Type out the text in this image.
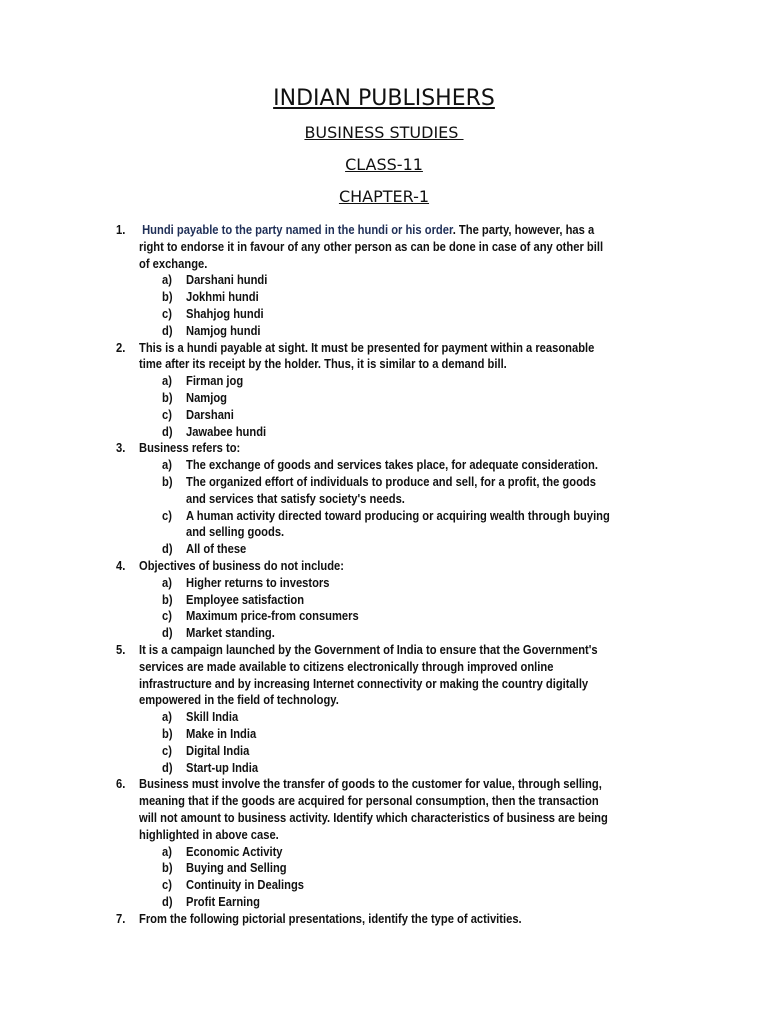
INDIAN PUBLISHERS
BUSINESS STUDIES
CLASS-11
CHAPTER-1
1. Hundi payable to the party named in the hundi or his order. The party, however, has a
right to endorse it in favour of any other person as can be done in case of any other bill
of exchange.
a) Darshani hundi
b) Jokhmi hundi
c) Shahjog hundi
d) Namjog hundi
2. This is a hundi payable at sight. It must be presented for payment within a reasonable
time after its receipt by the holder. Thus, it is similar to a demand bill.
a) Firman jog
b) Namjog
c) Darshani
d) Jawabee hundi
3. Business refers to:
a) The exchange of goods and services takes place, for adequate consideration.
b) The organized effort of individuals to produce and sell, for a profit, the goods
and services that satisfy society's needs.
c) A human activity directed toward producing or acquiring wealth through buying
and selling goods.
d) All of these
4. Objectives of business do not include:
a) Higher returns to investors
b) Employee satisfaction
c) Maximum price-from consumers
d) Market standing.
5. It is a campaign launched by the Government of India to ensure that the Government's
services are made available to citizens electronically through improved online
infrastructure and by increasing Internet connectivity or making the country digitally
empowered in the field of technology.
a) Skill India
b) Make in India
c) Digital India
d) Start-up India
6. Business must involve the transfer of goods to the customer for value, through selling,
meaning that if the goods are acquired for personal consumption, then the transaction
will not amount to business activity. Identify which characteristics of business are being
highlighted in above case.
a) Economic Activity
b) Buying and Selling
c) Continuity in Dealings
d) Profit Earning
7. From the following pictorial presentations, identify the type of activities.
